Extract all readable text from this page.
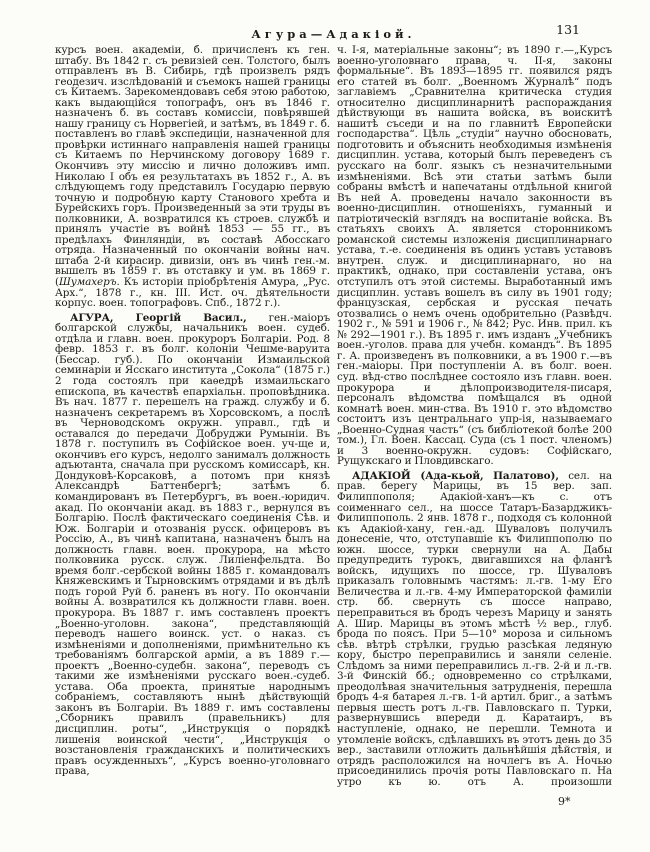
Агура—Адакіой.	131

курсъ воен. академіи, б. причисленъ къ ген. штабу. Въ 1842 г. съ ревизіей сен. Толстого, былъ отправленъ въ В. Сибирь, гдѣ произвелъ рядъ геодезич. изслѣдованій и съемокъ нашей границы съ Китаемъ. Зарекомендовавъ себя этою работою, какъ выдающійся топографъ, онъ въ 1846 г. назначенъ б. въ составъ комиссіи, повѣрявшей нашу границу съ Норвегіей, и затѣмъ, въ 1849 г. б. поставленъ во главѣ экспедиціи, назначенной для провѣрки истиннаго направленія нашей границы съ Китаемъ по Нерчинскому договору 1689 г. Окончивъ эту миссію и лично доложивъ имп. Николаю I объ ея результатахъ въ 1852 г., А. въ слѣдующемъ году представилъ Государю первую точную и подробную карту Станового хребта и Бурейскихъ горъ. Произведенный за эти труды въ полковники, А. возвратился къ строев. службѣ и принялъ участіе въ войнѣ 1853 — 55 гг., въ предѣлахъ Финляндіи, въ составѣ Абосскаго отряда. Назначенный по окончаніи войны нач. штаба 2-й кирасир. дивизіи, онъ въ чинѣ ген.-м. вышелъ въ 1859 г. въ отставку и ум. въ 1869 г. (Шумахеръ. Къ исторіи пріобрѣтенія Амура, „Рус. Арх.“, 1878 г., кн. III. Ист. оч. дѣятельности корпус. воен. топографовъ. Спб., 1872 г.).

АГУРА, Георгій Васил., ген.-маіоръ болгарской службы, начальникъ воен. судеб. отдѣла и главн. воен. прокуроръ Болгаріи. Род. 8 февр. 1853 г. въ болг. колоніи Чешме-варуита (Бессар. губ.). По окончаніи Измаильской семинаріи и Ясскаго института „Сокола“ (1875 г.) 2 года состоялъ при каѳедрѣ измаильскаго епископа, въ качествѣ епархіальн. проповѣдника. Въ нач. 1877 г. перешелъ на гражд. службу и б. назначенъ секретаремъ въ Хорсовскомъ, а послѣ въ Черноводскомъ окружн. управл., гдѣ и оставался до передачи Добруджи Румыніи. Въ 1878 г. поступилъ въ Софійское воен. уч-ще и, окончивъ его курсъ, недолго занималъ должность адъютанта, сначала при русскомъ комиссарѣ, кн. Дондуковѣ-Корсаковѣ, а потомъ при князѣ Александрѣ Баттенбергѣ; затѣмъ б. командированъ въ Петербургъ, въ воен.-юридич. акад. По окончаніи акад. въ 1883 г., вернулся въ Болгарію. Послѣ фактическаго соединенія Сѣв. и Юж. Болгаріи и отозванія русск. офицеровъ въ Россію, А., въ чинѣ капитана, назначенъ былъ на должность главн. воен. прокурора, на мѣсто полковника русск. служ. Лиліенфельдта. Во время болг.-сербской войны 1885 г. командовалъ Княжевскимъ и Тырновскимъ отрядами и въ дѣлѣ подъ горой Руй б. раненъ въ ногу. По окончаніи войны А. возвратился къ должности главн. воен. прокурора. Въ 1887 г. имъ составленъ проектъ „Военно-уголовн. закона“, представляющій переводъ нашего воинск. уст. о наказ. съ измѣненіями и дополненіями, примѣнительно къ требованіямъ болгарской арміи, а въ 1889 г.—проектъ „Военно-судебн. закона“, переводъ съ такими же измѣненіями русскаго воен.-судеб. устава. Оба проекта, принятые народнымъ собраніемъ, составляютъ нынѣ дѣйствующій законъ въ Болгаріи. Въ 1889 г. имъ составлены „Сборникъ правилъ (правельникъ) для дисциплин. роты“, „Инструкція о порядкѣ лишенія воинской чести“, „Инструкція о возстановленія гражданскихъ и политическихъ правъ осужденныхъ“, „Курсъ военно-уголовнаго права,

ч. І-я, матеріальные законы“; въ 1890 г.—„Курсъ военно-уголовнаго права, ч. ІІ-я, законы формальные“. Въ 1893—1895 гг. появился рядъ его статей въ болг. „Военномъ Журналѣ“ подъ заглавіемъ „Сравнителна критическа студия относително дисциплинарнитѣ распораждания дѣйствующи въ нашита войска, въ воискитѣ нашитѣ съседи и на по главнитѣ Европейски господарства“. Цѣль „студіи“ научно обосновать, подготовить и объяснить необходимыя измѣненія дисциплин. устава, который былъ переведенъ съ русскаго на болг. языкъ съ незначительными измѣненіями. Всѣ эти статьи затѣмъ были собраны вмѣстѣ и напечатаны отдѣльной книгой Въ ней А. проведены начало законности въ военно-дисциплин. отношеніяхъ, гуманный и патріотическій взглядъ на воспитаніе войска. Въ статьяхъ своихъ А. является сторонникомъ романской системы изложенія дисциплинарнаго устава, т.-е. соединенія въ одинъ уставъ уставовъ внутрен. служ. и дисциплинарнаго, но на практикѣ, однако, при составленіи устава, онъ отступилъ отъ этой системы. Выработанный имъ дисциплин. уставъ вошелъ въ силу въ 1901 году; французская, сербская и русская печать отозвались о немъ очень одобрительно (Развѣдч. 1902 г., № 591 и 1906 г., № 842; Рус. Инв. прил. къ № 292—1901 г.). Въ 1895 г. имъ изданъ „Учебникъ воен.-уголов. права для учебн. командъ“. Въ 1895 г. А. произведенъ въ полковники, а въ 1900 г.—въ ген.-маіоры. При поступленіи А. въ болг. воен. суд. вѣд-ство послѣднее состояло изъ главн. воен. прокурора и дѣлопроизводителя-писаря, персоналъ вѣдомства помѣщался въ одной комнатѣ воен. мин-ства. Въ 1910 г. это вѣдомство состоитъ изъ центральнаго упр-ія, называемаго „Военно-Судная часть“ (съ библіотекой болѣе 200 том.), Гл. Воен. Кассац. Суда (съ 1 пост. членомъ) и 3 военно-окружн. судовъ: Софійскаго, Рущукскаго и Пловдивскаго.

АДАКІОЙ (Ада-кьой, Палатово), сел. на прав. берегу Марицы, въ 15 вер. зап. Филиппополя; Адакіой-ханъ—къ с. отъ соименнаго сел., на шоссе Татаръ-Базарджикъ-Филиппополь. 2 янв. 1878 г., подходя съ колонной къ Адакіой-хану, ген.-ад. Шуваловъ получилъ донесеніе, что, отступавшіе къ Филиппополю по южн. шоссе, турки свернули на А. Дабы предупредить турокъ, двигавшихся на флангѣ войскъ, идущихъ по шоссе, гр. Шуваловъ приказалъ головнымъ частямъ: л.-гв. 1-му Его Величества и л.-гв. 4-му Императорской фамиліи стр. бб. свернуть съ шоссе направо, переправиться въ бродъ черезъ Марицу и занять А. Шир. Марицы въ этомъ мѣстѣ ½ вер., глуб. брода по поясъ. При 5—10° мороза и сильномъ сѣв. вѣтрѣ стрѣлки, грудью разсѣкая ледяную кору, быстро переправились и заняли селеніе. Слѣдомъ за ними переправились л.-гв. 2-й и л.-гв. 3-й Финскій бб.; одновременно со стрѣлками, преодолѣвая значительныя затрудненія, перешла бродъ 4-я батарея л.-гв. 1-й артил. бриг., а затѣмъ первыя шесть ротъ л.-гв. Павловскаго п. Турки, развернувшись впереди д. Каратаиръ, въ наступленіе, однако, не перешли. Темнота и утомленіе войскъ, сдѣлавшихъ въ этотъ день до 35 вер., заставили отложить дальнѣйшія дѣйствія, и отрядъ расположился на ночлегъ въ А. Ночью присоединились прочія роты Павловскаго п. На утро къ ю. отъ А. произошли

9*
